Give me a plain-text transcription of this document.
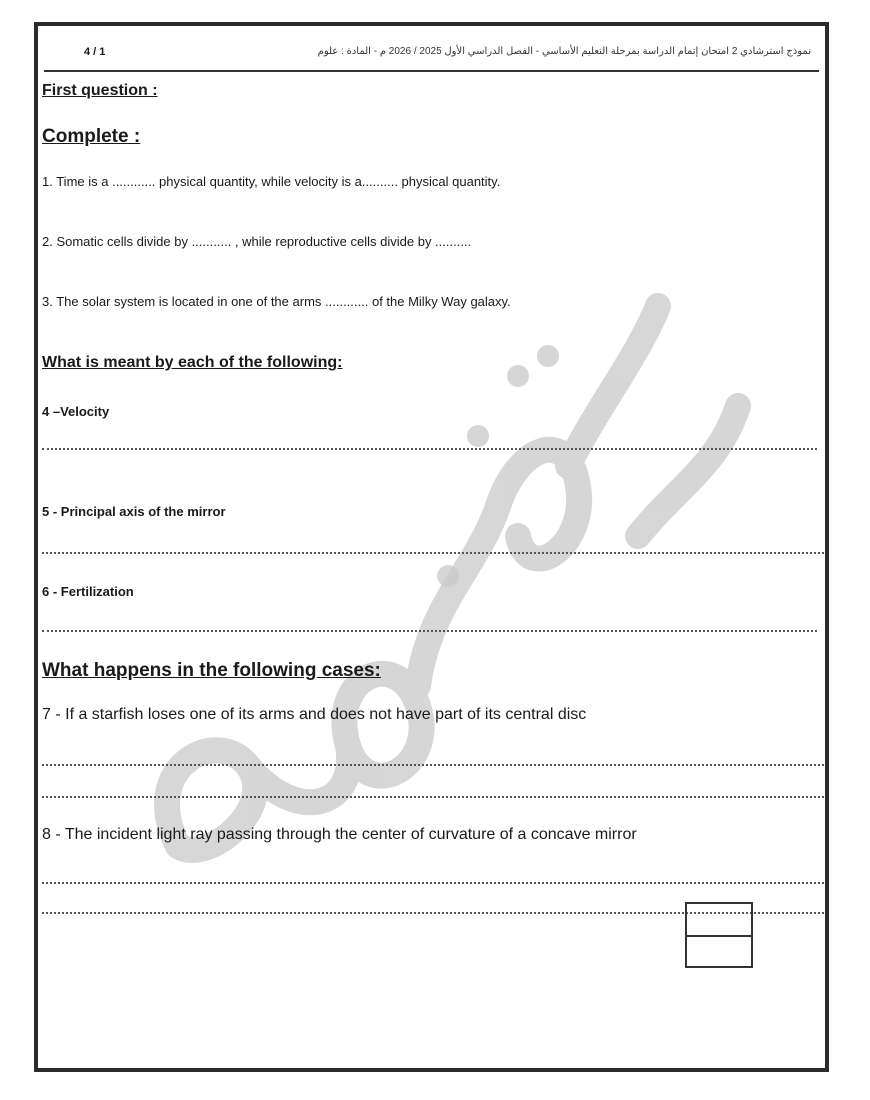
4 / 1	نموذج استرشادي 2 امتحان إتمام الدراسة بمرحلة التعليم الأساسي - الفصل الدراسي الأول 2025 / 2026 م - المادة : علوم
First question :
Complete :
1. Time is a ............ physical quantity, while velocity is a.......... physical quantity.
2. Somatic cells divide by ........... , while reproductive cells divide by ..........
3. The solar system is located in one of the arms ............ of the Milky Way galaxy.
What is meant by each of the following:
4 –Velocity
5 - Principal axis of the mirror
6 - Fertilization
What happens in the following cases:
7 - If a starfish loses one of its arms and does not have part of its central disc
8 - The incident light ray passing through the center of curvature of a concave mirror
